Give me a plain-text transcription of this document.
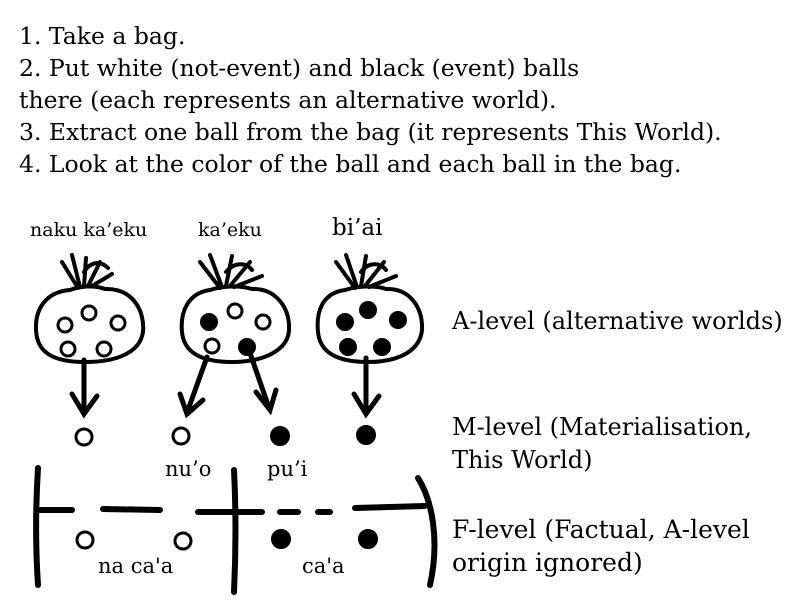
1. Take a bag.
2. Put white (not-event) and black (event) balls
there (each represents an alternative world).
3. Extract one ball from the bag (it represents This World).
4. Look at the color of the ball and each ball in the bag.
naku ka’eku	ka’eku	bi’ai
A-level (alternative worlds)
M-level (Materialisation,
This World)
F-level (Factual, A-level
origin ignored)
nu’o	pu’i
na ca'a	ca'a
